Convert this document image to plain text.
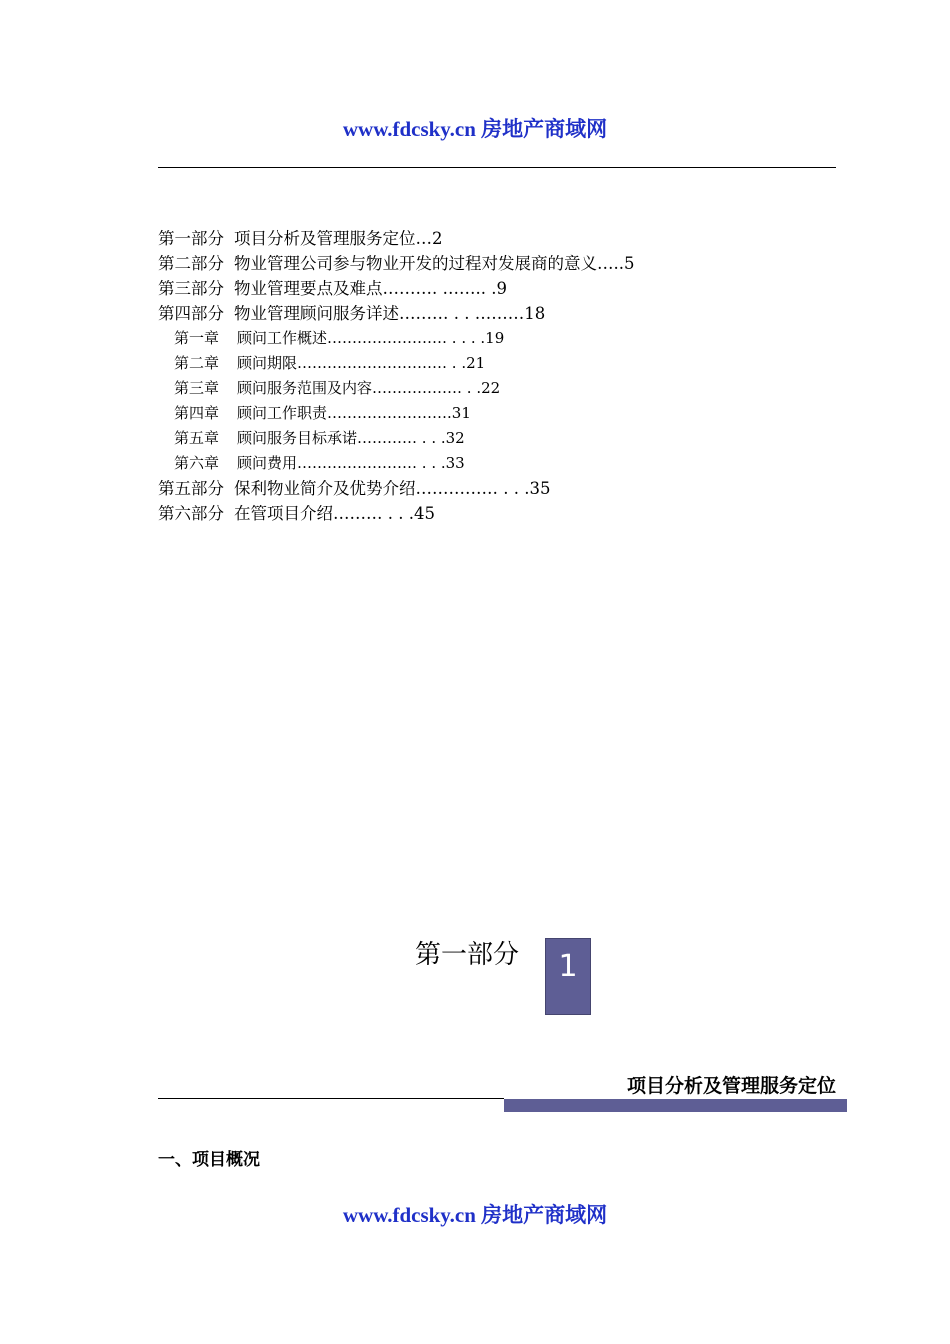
www.fdcsky.cn 房地产商域网
第一部分 项目分析及管理服务定位…2
第二部分 物业管理公司参与物业开发的过程对发展商的意义…..5
第三部分 物业管理要点及难点………. …….. .9
第四部分 物业管理顾问服务详述……… . . ………18
第一章 顾问工作概述…………………… . . . .19
第二章 顾问期限………………………… . .21
第三章 顾问服务范围及内容……………… . .22
第四章 顾问工作职责…………………….31
第五章 顾问服务目标承诺………… . . .32
第六章 顾问费用…………………… . . .33
第五部分 保利物业简介及优势介绍…………… . . .35
第六部分 在管项目介绍……… . . .45
第一部分	1
项目分析及管理服务定位
一、项目概况
www.fdcsky.cn 房地产商域网
